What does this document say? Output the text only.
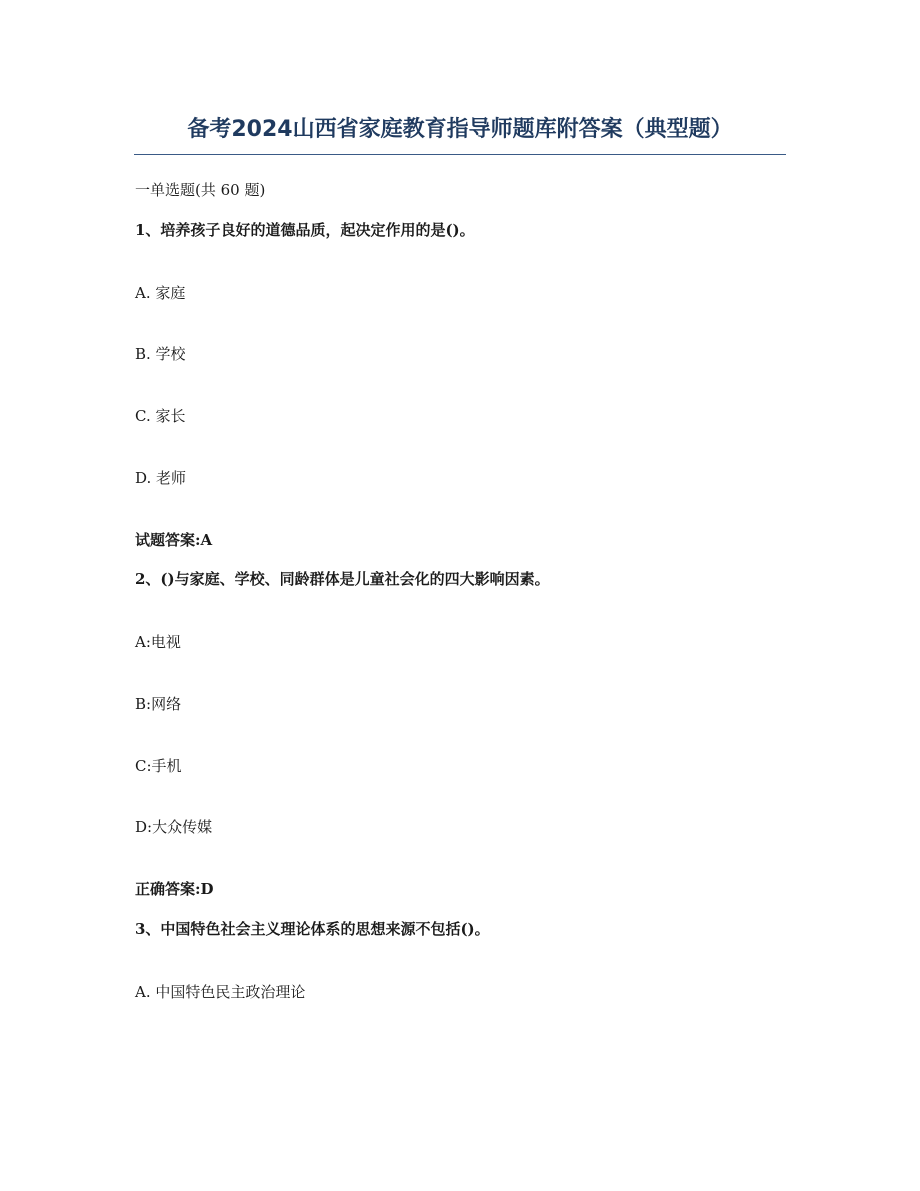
备考2024山西省家庭教育指导师题库附答案（典型题）
一单选题(共 60 题)
1、培养孩子良好的道德品质，起决定作用的是()。
A. 家庭
B. 学校
C. 家长
D. 老师
试题答案:A
2、()与家庭、学校、同龄群体是儿童社会化的四大影响因素。
A:电视
B:网络
C:手机
D:大众传媒
正确答案:D
3、中国特色社会主义理论体系的思想来源不包括()。
A. 中国特色民主政治理论
